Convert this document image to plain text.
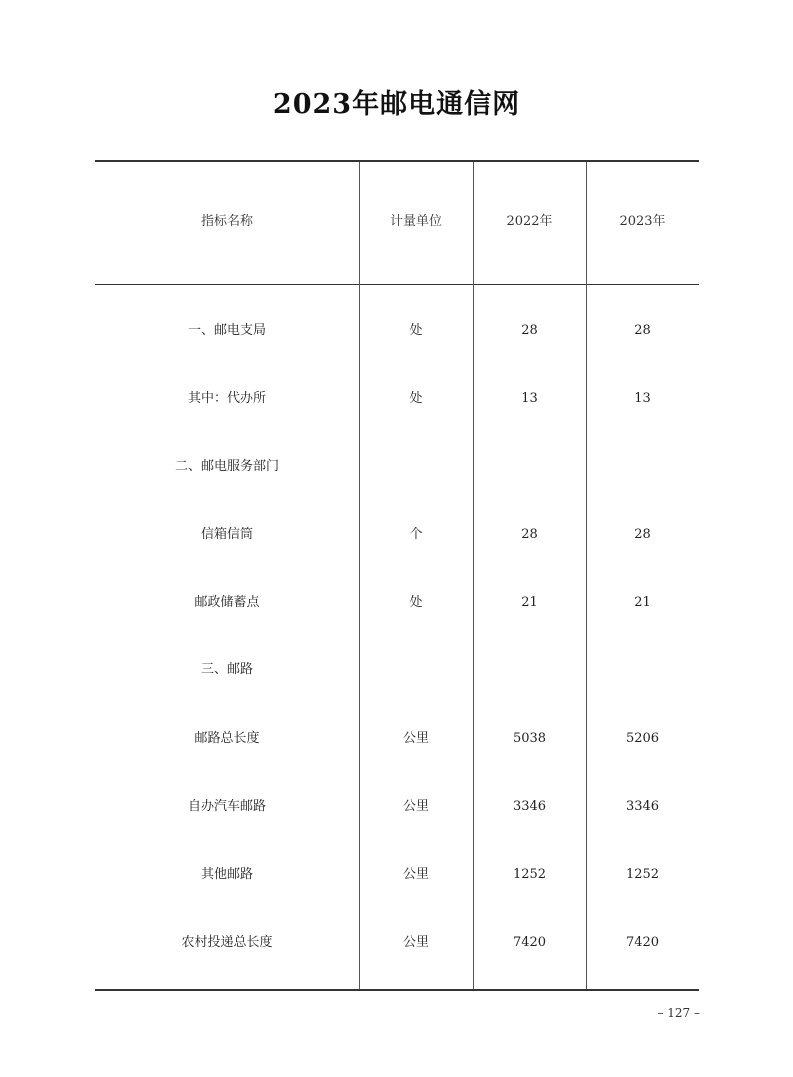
2023年邮电通信网
指标名称	计量单位	2022年	2023年
一、邮电支局	处	28	28
其中：代办所	处	13	13
二、邮电服务部门
信箱信筒	个	28	28
邮政储蓄点	处	21	21
三、邮路
邮路总长度	公里	5038	5206
自办汽车邮路	公里	3346	3346
其他邮路	公里	1252	1252
农村投递总长度	公里	7420	7420
– 127 –
